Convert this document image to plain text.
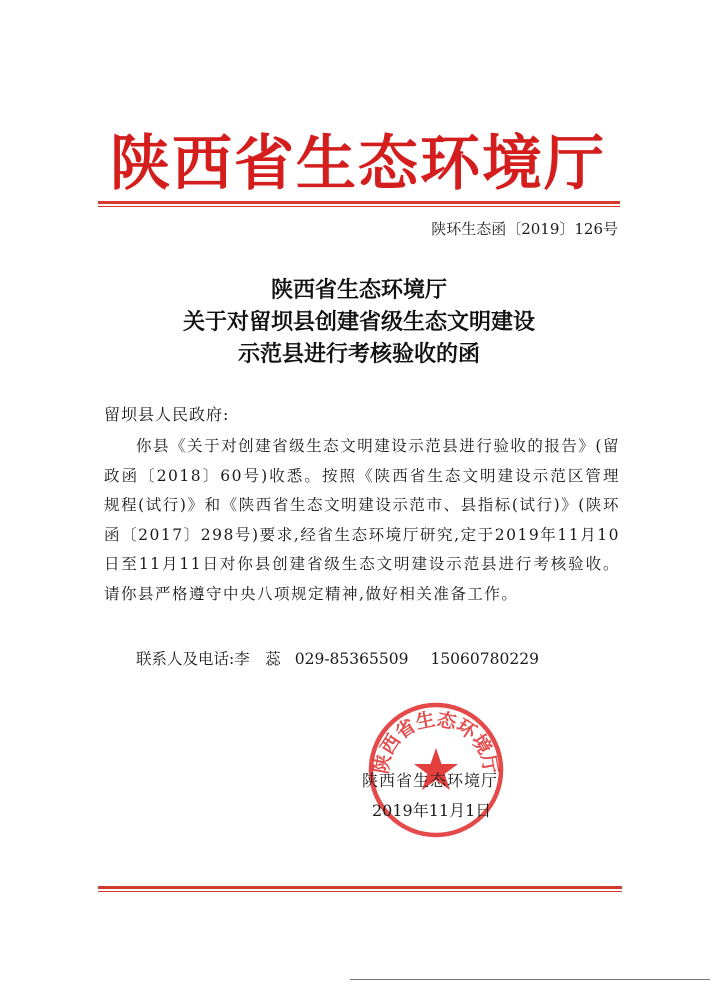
陕西省生态环境厅
陕环生态函〔2019〕126号
陕西省生态环境厅
关于对留坝县创建省级生态文明建设
示范县进行考核验收的函
留坝县人民政府:

你县《关于对创建省级生态文明建设示范县进行验收的报告》(留政函〔2018〕60号)收悉。按照《陕西省生态文明建设示范区管理规程(试行)》和《陕西省生态文明建设示范市、县指标(试行)》(陕环函〔2017〕298号)要求,经省生态环境厅研究,定于2019年11月10日至11月11日对你县创建省级生态文明建设示范县进行考核验收。请你县严格遵守中央八项规定精神,做好相关准备工作。

联系人及电话:李　蕊 029-85365509 15060780229
陕西省生态环境厅
陕西省生态环境厅
2019年11月1日
